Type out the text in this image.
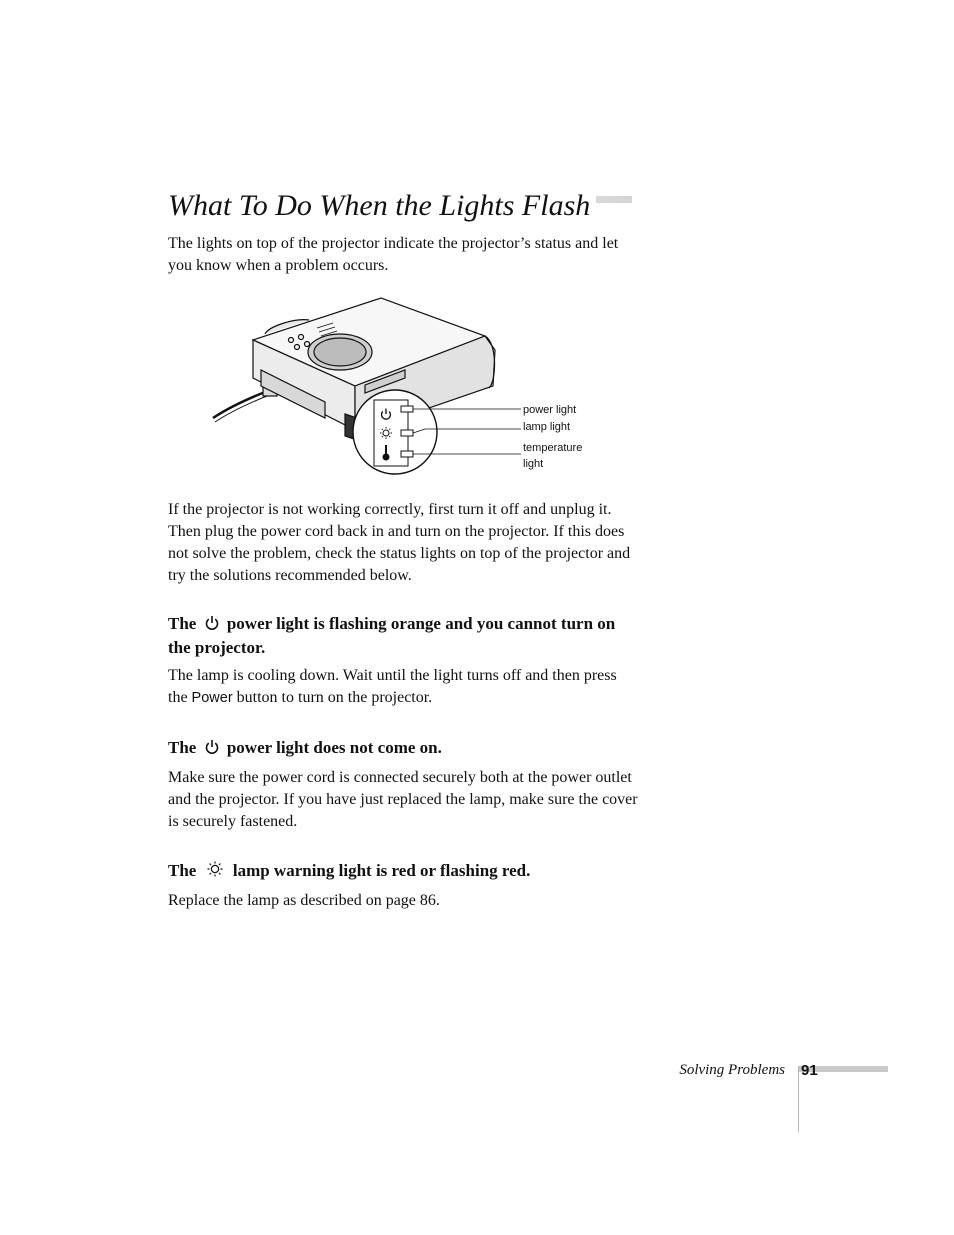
What To Do When the Lights Flash

The lights on top of the projector indicate the projector’s status and let you know when a problem occurs.

power light
lamp light
temperature
light

If the projector is not working correctly, first turn it off and unplug it. Then plug the power cord back in and turn on the projector. If this does not solve the problem, check the status lights on top of the projector and try the solutions recommended below.

The power light is flashing orange and you cannot turn on the projector.

The lamp is cooling down. Wait until the light turns off and then press the Power button to turn on the projector.

The power light does not come on.

Make sure the power cord is connected securely both at the power outlet and the projector. If you have just replaced the lamp, make sure the cover is securely fastened.

The lamp warning light is red or flashing red.

Replace the lamp as described on page 86.

Solving Problems 91
